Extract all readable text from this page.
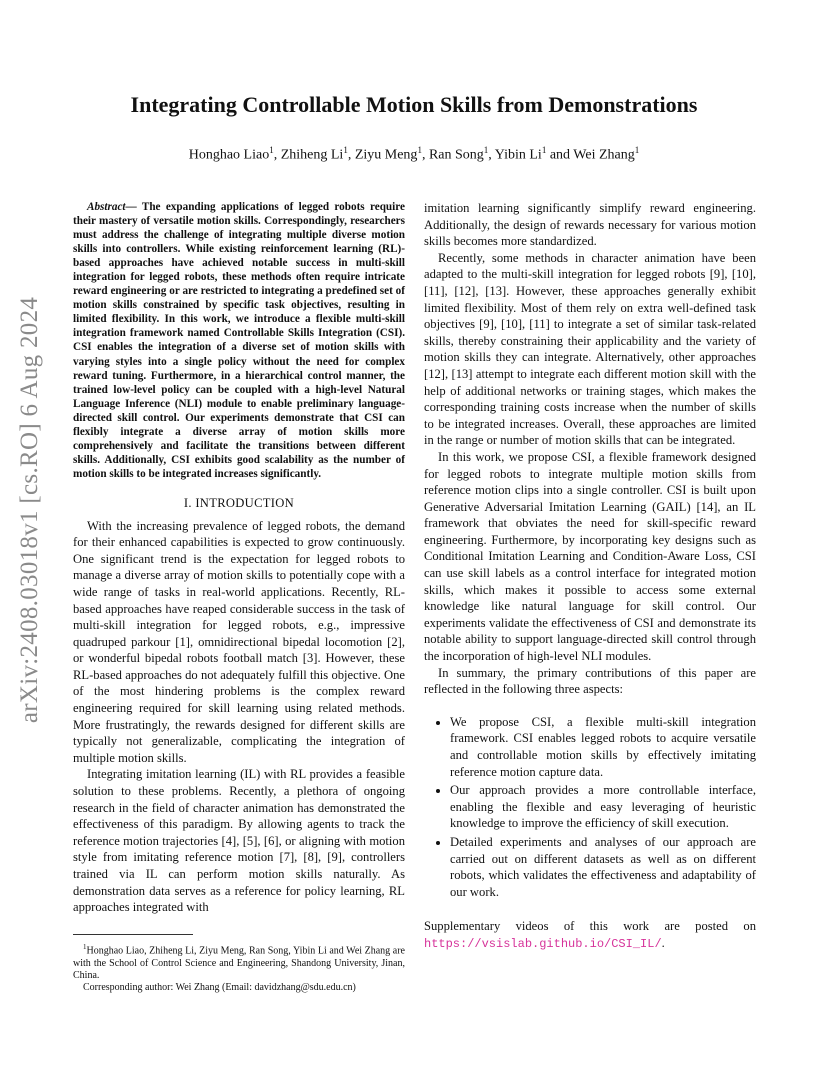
arXiv:2408.03018v1 [cs.RO] 6 Aug 2024
Integrating Controllable Motion Skills from Demonstrations
Honghao Liao$^1$, Zhiheng Li$^1$, Ziyu Meng$^1$, Ran Song$^1$, Yibin Li$^1$ and Wei Zhang$^1$

Abstract— The expanding applications of legged robots require their mastery of versatile motion skills. Correspondingly, researchers must address the challenge of integrating multiple diverse motion skills into controllers. While existing reinforcement learning (RL)-based approaches have achieved notable success in multi-skill integration for legged robots, these methods often require intricate reward engineering or are restricted to integrating a predefined set of motion skills constrained by specific task objectives, resulting in limited flexibility. In this work, we introduce a flexible multi-skill integration framework named Controllable Skills Integration (CSI). CSI enables the integration of a diverse set of motion skills with varying styles into a single policy without the need for complex reward tuning. Furthermore, in a hierarchical control manner, the trained low-level policy can be coupled with a high-level Natural Language Inference (NLI) module to enable preliminary language-directed skill control. Our experiments demonstrate that CSI can flexibly integrate a diverse array of motion skills more comprehensively and facilitate the transitions between different skills. Additionally, CSI exhibits good scalability as the number of motion skills to be integrated increases significantly.

I. INTRODUCTION

With the increasing prevalence of legged robots, the demand for their enhanced capabilities is expected to grow continuously. One significant trend is the expectation for legged robots to manage a diverse array of motion skills to potentially cope with a wide range of tasks in real-world applications. Recently, RL-based approaches have reaped considerable success in the task of multi-skill integration for legged robots, e.g., impressive quadruped parkour [1], omnidirectional bipedal locomotion [2], or wonderful bipedal robots football match [3]. However, these RL-based approaches do not adequately fulfill this objective. One of the most hindering problems is the complex reward engineering required for skill learning using related methods. More frustratingly, the rewards designed for different skills are typically not generalizable, complicating the integration of multiple motion skills.

Integrating imitation learning (IL) with RL provides a feasible solution to these problems. Recently, a plethora of ongoing research in the field of character animation has demonstrated the effectiveness of this paradigm. By allowing agents to track the reference motion trajectories [4], [5], [6], or aligning with motion style from imitating reference motion [7], [8], [9], controllers trained via IL can perform motion skills naturally. As demonstration data serves as a reference for policy learning, RL approaches integrated with

$^1$Honghao Liao, Zhiheng Li, Ziyu Meng, Ran Song, Yibin Li and Wei Zhang are with the School of Control Science and Engineering, Shandong University, Jinan, China.

Corresponding author: Wei Zhang (Email: davidzhang@sdu.edu.cn)

imitation learning significantly simplify reward engineering. Additionally, the design of rewards necessary for various motion skills becomes more standardized.

Recently, some methods in character animation have been adapted to the multi-skill integration for legged robots [9], [10], [11], [12], [13]. However, these approaches generally exhibit limited flexibility. Most of them rely on extra well-defined task objectives [9], [10], [11] to integrate a set of similar task-related skills, thereby constraining their applicability and the variety of motion skills they can integrate. Alternatively, other approaches [12], [13] attempt to integrate each different motion skill with the help of additional networks or training stages, which makes the corresponding training costs increase when the number of skills to be integrated increases. Overall, these approaches are limited in the range or number of motion skills that can be integrated.

In this work, we propose CSI, a flexible framework designed for legged robots to integrate multiple motion skills from reference motion clips into a single controller. CSI is built upon Generative Adversarial Imitation Learning (GAIL) [14], an IL framework that obviates the need for skill-specific reward engineering. Furthermore, by incorporating key designs such as Conditional Imitation Learning and Condition-Aware Loss, CSI can use skill labels as a control interface for integrated motion skills, which makes it possible to access some external knowledge like natural language for skill control. Our experiments validate the effectiveness of CSI and demonstrate its notable ability to support language-directed skill control through the incorporation of high-level NLI modules.

In summary, the primary contributions of this paper are reflected in the following three aspects:

• We propose CSI, a flexible multi-skill integration framework. CSI enables legged robots to acquire versatile and controllable motion skills by effectively imitating reference motion capture data.
• Our approach provides a more controllable interface, enabling the flexible and easy leveraging of heuristic knowledge to improve the efficiency of skill execution.
• Detailed experiments and analyses of our approach are carried out on different datasets as well as on different robots, which validates the effectiveness and adaptability of our work.

Supplementary videos of this work are posted on https://vsislab.github.io/CSI_IL/.
